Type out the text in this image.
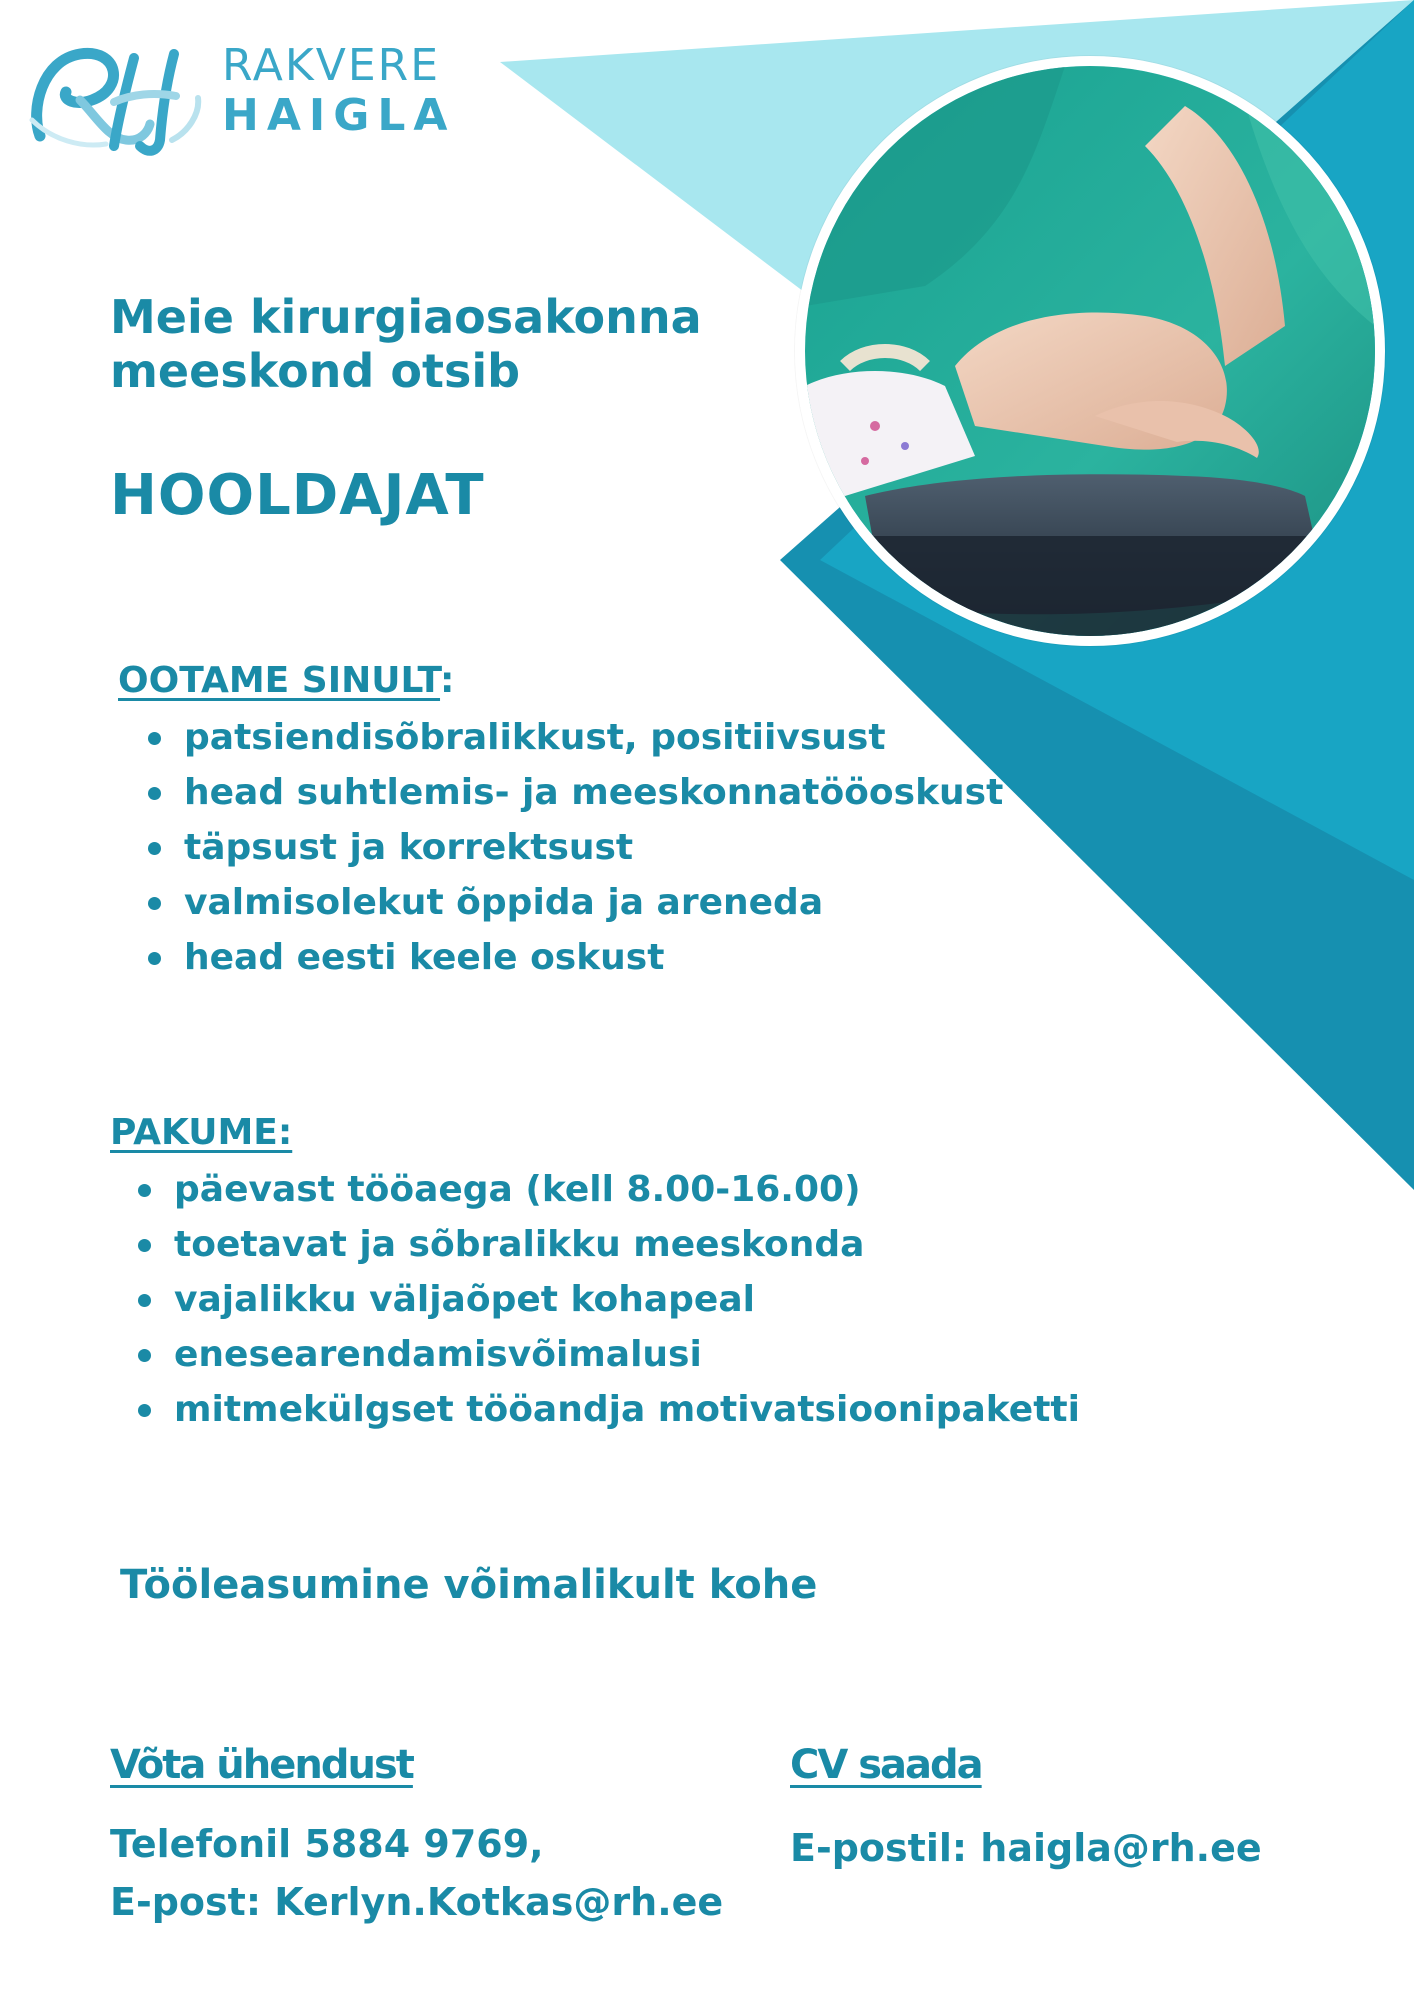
RAKVERE
HAIGLA
Meie kirurgiaosakonna
meeskond otsib
HOOLDAJAT
OOTAME SINULT:
patsiendisõbralikkust, positiivsust
head suhtlemis- ja meeskonnatööoskust
täpsust ja korrektsust
valmisolekut õppida ja areneda
head eesti keele oskust
PAKUME:
päevast tööaega (kell 8.00-16.00)
toetavat ja sõbralikku meeskonda
vajalikku väljaõpet kohapeal
enesearendamisvõimalusi
mitmekülgset tööandja motivatsioonipaketti
Tööleasumine võimalikult kohe
Võta ühendust
Telefonil 5884 9769,
E-post: Kerlyn.Kotkas@rh.ee
CV saada
E-postil: haigla@rh.ee
